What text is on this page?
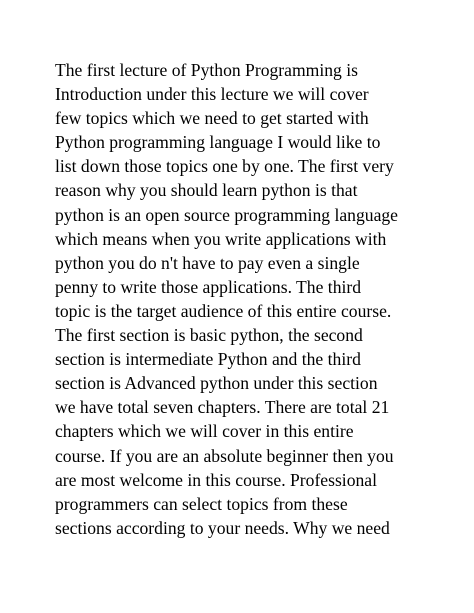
The first lecture of Python Programming is
Introduction under this lecture we will cover
few topics which we need to get started with
Python programming language I would like to
list down those topics one by one. The first very
reason why you should learn python is that
python is an open source programming language
which means when you write applications with
python you do n't have to pay even a single
penny to write those applications. The third
topic is the target audience of this entire course.
The first section is basic python, the second
section is intermediate Python and the third
section is Advanced python under this section
we have total seven chapters. There are total 21
chapters which we will cover in this entire
course. If you are an absolute beginner then you
are most welcome in this course. Professional
programmers can select topics from these
sections according to your needs. Why we need
